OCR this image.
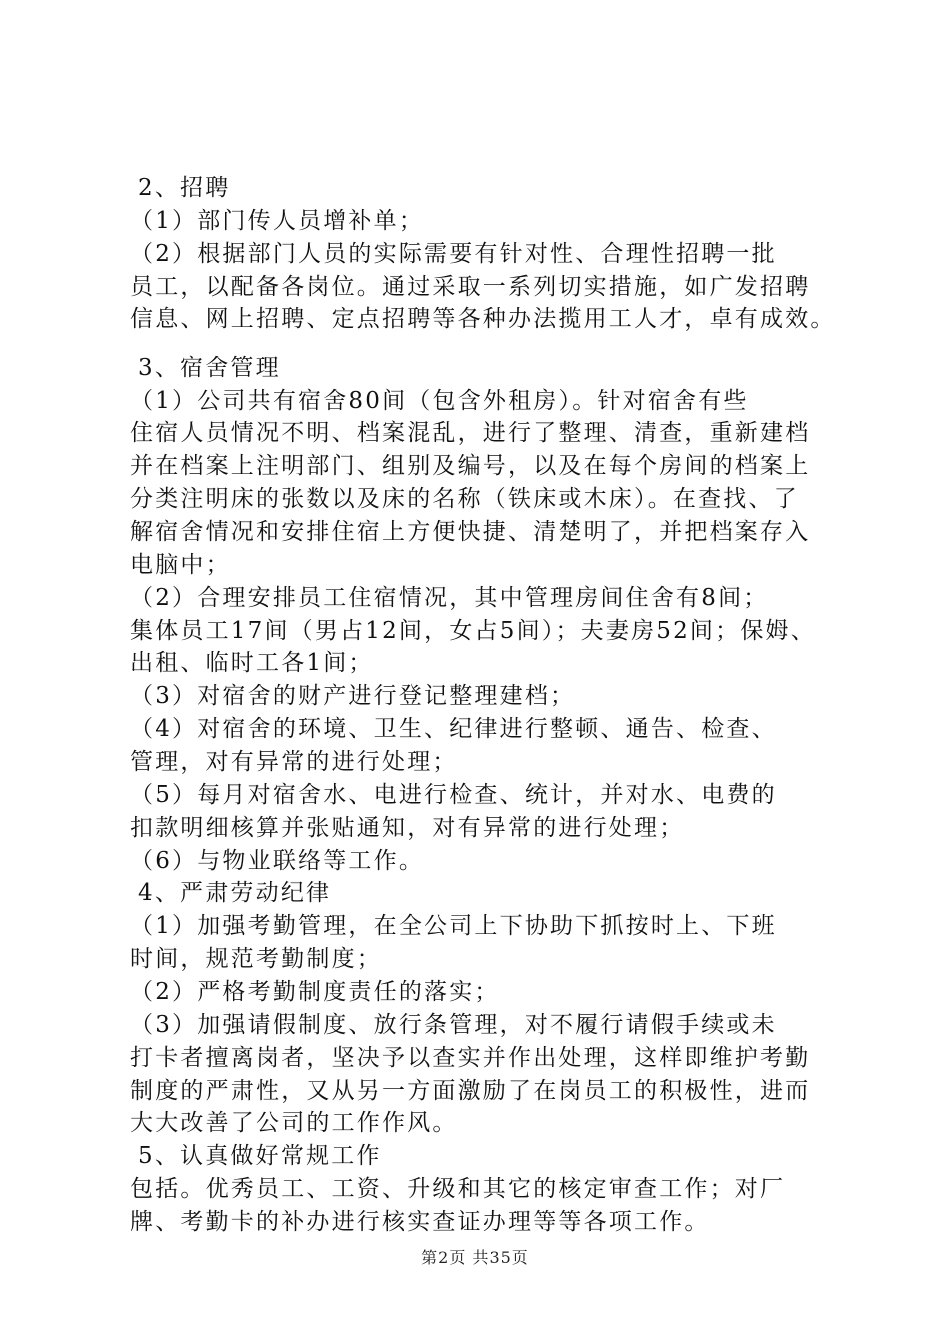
2、招聘
（1）部门传人员增补单；
（2）根据部门人员的实际需要有针对性、合理性招聘一批
员工，以配备各岗位。通过采取一系列切实措施，如广发招聘
信息、网上招聘、定点招聘等各种办法揽用工人才，卓有成效。
3、宿舍管理
（1）公司共有宿舍80间（包含外租房）。针对宿舍有些
住宿人员情况不明、档案混乱，进行了整理、清查，重新建档
并在档案上注明部门、组别及编号，以及在每个房间的档案上
分类注明床的张数以及床的名称（铁床或木床）。在查找、了
解宿舍情况和安排住宿上方便快捷、清楚明了，并把档案存入
电脑中；
（2）合理安排员工住宿情况，其中管理房间住舍有8间；
集体员工17间（男占12间，女占5间）；夫妻房52间；保姆、
出租、临时工各1间；
（3）对宿舍的财产进行登记整理建档；
（4）对宿舍的环境、卫生、纪律进行整顿、通告、检查、
管理，对有异常的进行处理；
（5）每月对宿舍水、电进行检查、统计，并对水、电费的
扣款明细核算并张贴通知，对有异常的进行处理；
（6）与物业联络等工作。
4、严肃劳动纪律
（1）加强考勤管理，在全公司上下协助下抓按时上、下班
时间，规范考勤制度；
（2）严格考勤制度责任的落实；
（3）加强请假制度、放行条管理，对不履行请假手续或未
打卡者擅离岗者，坚决予以查实并作出处理，这样即维护考勤
制度的严肃性，又从另一方面激励了在岗员工的积极性，进而
大大改善了公司的工作作风。
5、认真做好常规工作
包括。优秀员工、工资、升级和其它的核定审查工作；对厂
牌、考勤卡的补办进行核实查证办理等等各项工作。
第2页 共35页
